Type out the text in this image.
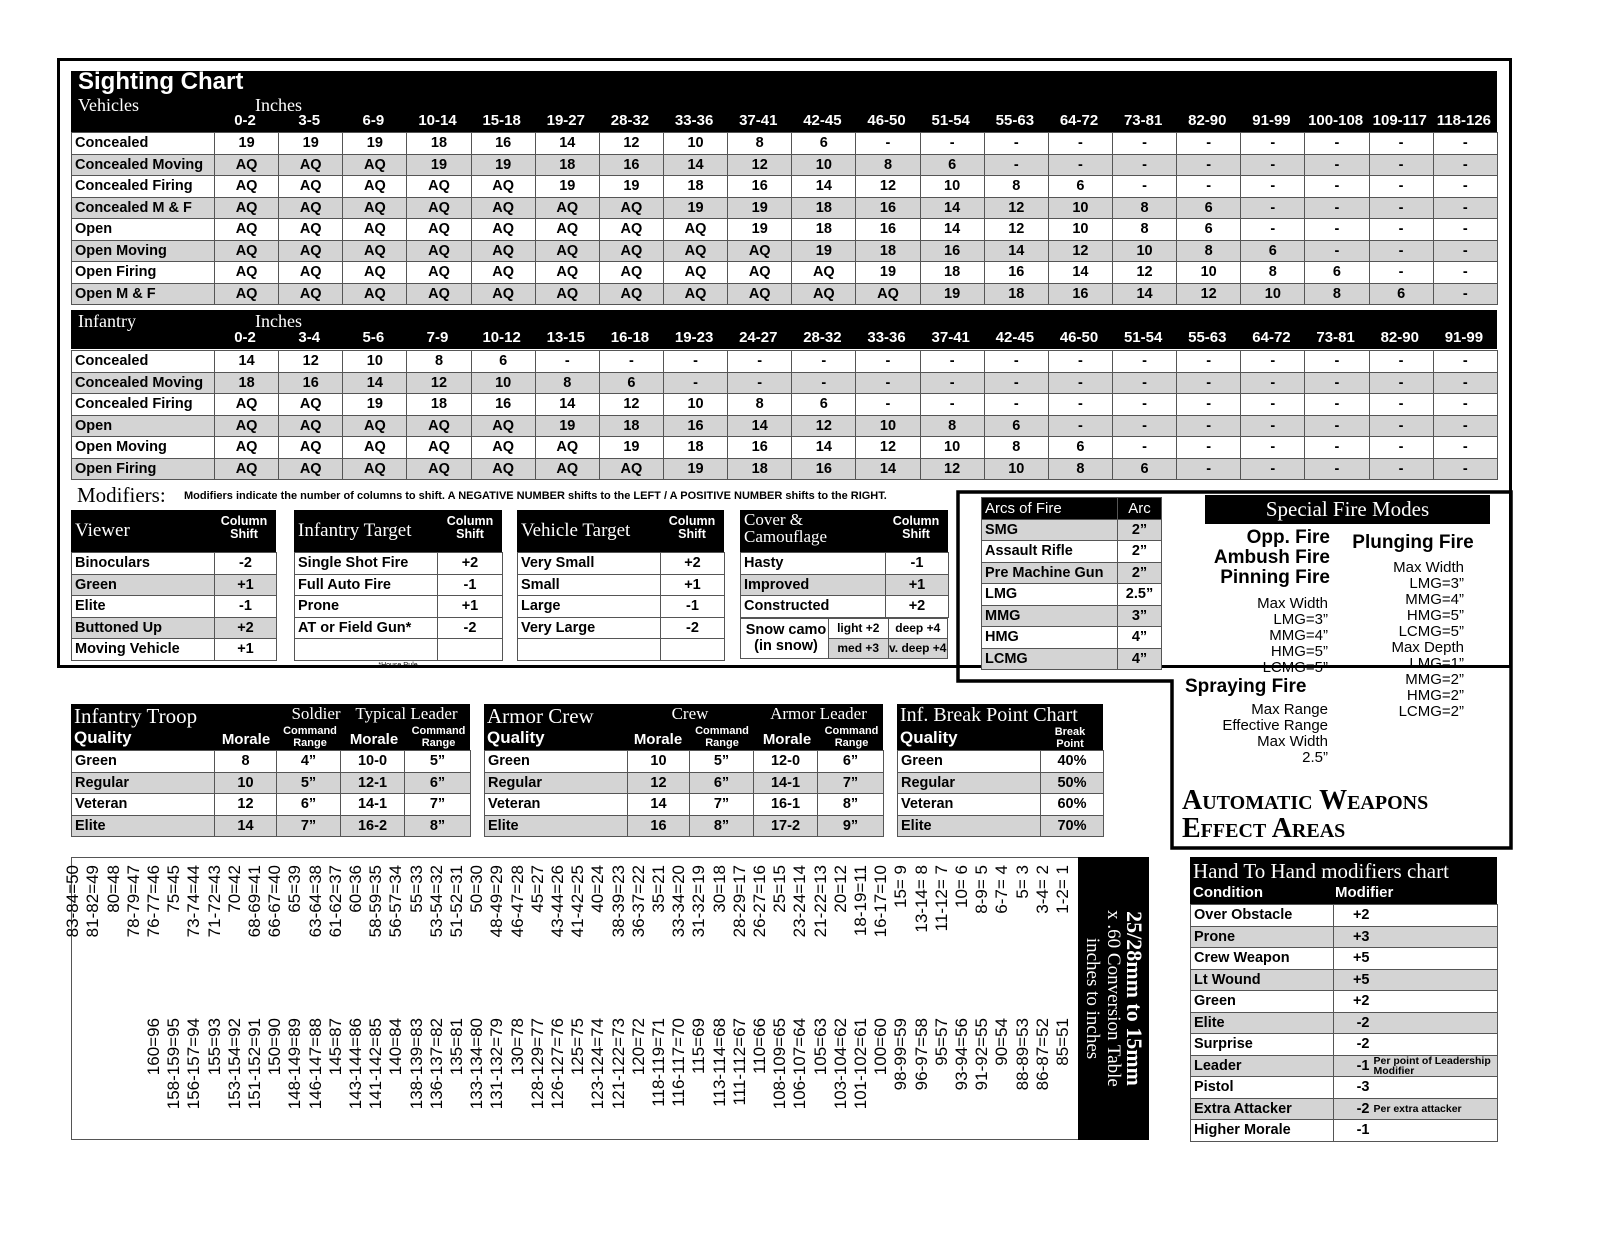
Sighting Chart
Vehicles	Inches
0-2	3-5	6-9	10-14	15-18	19-27	28-32	33-36	37-41	42-45	46-50	51-54	55-63	64-72	73-81	82-90	91-99	100-108 109-117 118-126
Concealed	19	19	19	18	16	14	12	10	8	6	-	-	-	-	-	-	-	-	-	-
Concealed Moving	AQ	AQ	AQ	19	19	18	16	14	12	10	8	6	-	-	-	-	-	-	-	-
Concealed Firing	AQ	AQ	AQ	AQ	AQ	19	19	18	16	14	12	10	8	6	-	-	-	-	-	-
Concealed M & F	AQ	AQ	AQ	AQ	AQ	AQ	AQ	19	19	18	16	14	12	10	8	6	-	-	-	-
Open	AQ	AQ	AQ	AQ	AQ	AQ	AQ	AQ	19	18	16	14	12	10	8	6	-	-	-	-
Open Moving	AQ	AQ	AQ	AQ	AQ	AQ	AQ	AQ	AQ	19	18	16	14	12	10	8	6	-	-	-
Open Firing	AQ	AQ	AQ	AQ	AQ	AQ	AQ	AQ	AQ	AQ	19	18	16	14	12	10	8	6	-	-
Open M & F	AQ	AQ	AQ	AQ	AQ	AQ	AQ	AQ	AQ	AQ	AQ	19	18	16	14	12	10	8	6	-
Infantry	Inches
0-2	3-4	5-6	7-9	10-12	13-15	16-18	19-23	24-27	28-32	33-36	37-41	42-45	46-50	51-54	55-63	64-72	73-81	82-90	91-99
Concealed	14	12	10	8	6	-	-	-	-	-	-	-	-	-	-	-	-	-	-	-
Concealed Moving	18	16	14	12	10	8	6	-	-	-	-	-	-	-	-	-	-	-	-	-
Concealed Firing	AQ	AQ	19	18	16	14	12	10	8	6	-	-	-	-	-	-	-	-	-	-
Open	AQ	AQ	AQ	AQ	AQ	19	18	16	14	12	10	8	6	-	-	-	-	-	-	-
Open Moving	AQ	AQ	AQ	AQ	AQ	AQ	19	18	16	14	12	10	8	6	-	-	-	-	-	-
Open Firing	AQ	AQ	AQ	AQ	AQ	AQ	AQ	19	18	16	14	12	10	8	6	-	-	-	-	-
Modifiers: Modifiers indicate the number of columns to shift. A NEGATIVE NUMBER shifts to the LEFT / A POSITIVE NUMBER shifts to the RIGHT.
Viewer	Column Shift
Binoculars	-2
Green	+1
Elite	-1
Buttoned Up	+2
Moving Vehicle	+1
Infantry Target	Column Shift
Single Shot Fire	+2
Full Auto Fire	-1
Prone	+1
AT or Field Gun*	-2

*House Rule
Vehicle Target	Column Shift
Very Small	+2
Small	+1
Large	-1
Very Large	-2

Cover & Camouflage
Column Shift
Hasty	-1
Improved	+1
Constructed	+2
Snow camo (in snow)	light +2	deep +4
	med +3	v. deep +4
Arcs of Fire	Arc
SMG	2”
Assault Rifle	2”
Pre Machine Gun	2”
LMG	2.5”
MMG	3”
HMG	4”
LCMG	4”
Special Fire Modes
Opp. Fire
Ambush Fire
Pinning Fire
Max Width
LMG=3”
MMG=4”
HMG=5”
LCMG=5”
Spraying Fire
Max Range
Effective Range
Max Width
2.5”
Plunging Fire
Max Width
LMG=3”
MMG=4”
HMG=5”
LCMG=5”
Max Depth
LMG=1”
MMG=2”
HMG=2”
LCMG=2”
Automatic Weapons
Effect Areas
Infantry Troop
Quality
Soldier Typical Leader
Morale	Command Range	Morale	Command Range
Green	8	4”	10-0	5”
Regular	10	5”	12-1	6”
Veteran	12	6”	14-1	7”
Elite	14	7”	16-2	8”
Armor Crew
Quality
Crew	Armor Leader
Morale	Command Range	Morale	Command Range
Green	10	5”	12-0	6”
Regular	12	6”	14-1	7”
Veteran	14	7”	16-1	8”
Elite	16	8”	17-2	9”
Inf. Break Point Chart
Quality	Break Point
Green	40%
Regular	50%
Veteran	60%
Elite	70%
25/28mm to 15mm
x .60 Conversion Table
inches to inches
1-2= 1
3-4= 2
5= 3
6-7= 4
8-9= 5
10= 6
11-12= 7
13-14= 8
15= 9
16-17=10
18-19=11
20=12
21-22=13
23-24=14
25=15
26-27=16
28-29=17
30=18
31-32=19
33-34=20
35=21
36-37=22
38-39=23
40=24
41-42=25
43-44=26
45=27
46-47=28
48-49=29
50=30
51-52=31
53-54=32
55=33
56-57=34
58-59=35
60=36
61-62=37
63-64=38
65=39
66-67=40
68-69=41
70=42
71-72=43
73-74=44
75=45
76-77=46
78-79=47
80=48
81-82=49
83-84=50
85=51
86-87=52
88-89=53
90=54
91-92=55
93-94=56
95=57
96-97=58
98-99=59
100=60
101-102=61
103-104=62
105=63
106-107=64
108-109=65
110=66
111-112=67
113-114=68
115=69
116-117=70
118-119=71
120=72
121-122=73
123-124=74
125=75
126-127=76
128-129=77
130=78
131-132=79
133-134=80
135=81
136-137=82
138-139=83
140=84
141-142=85
143-144=86
145=87
146-147=88
148-149=89
150=90
151-152=91
153-154=92
155=93
156-157=94
158-159=95
160=96
Hand To Hand modifiers chart
Condition	Modifier
Over Obstacle	+2	
Prone	+3	
Crew Weapon	+5	
Lt Wound	+5	
Green	+2	
Elite	-2	
Surprise	-2	
Leader	-1	Per point of Leadership Modifier
Pistol	-3	
Extra Attacker	-2	Per extra attacker
Higher Morale	-1	
